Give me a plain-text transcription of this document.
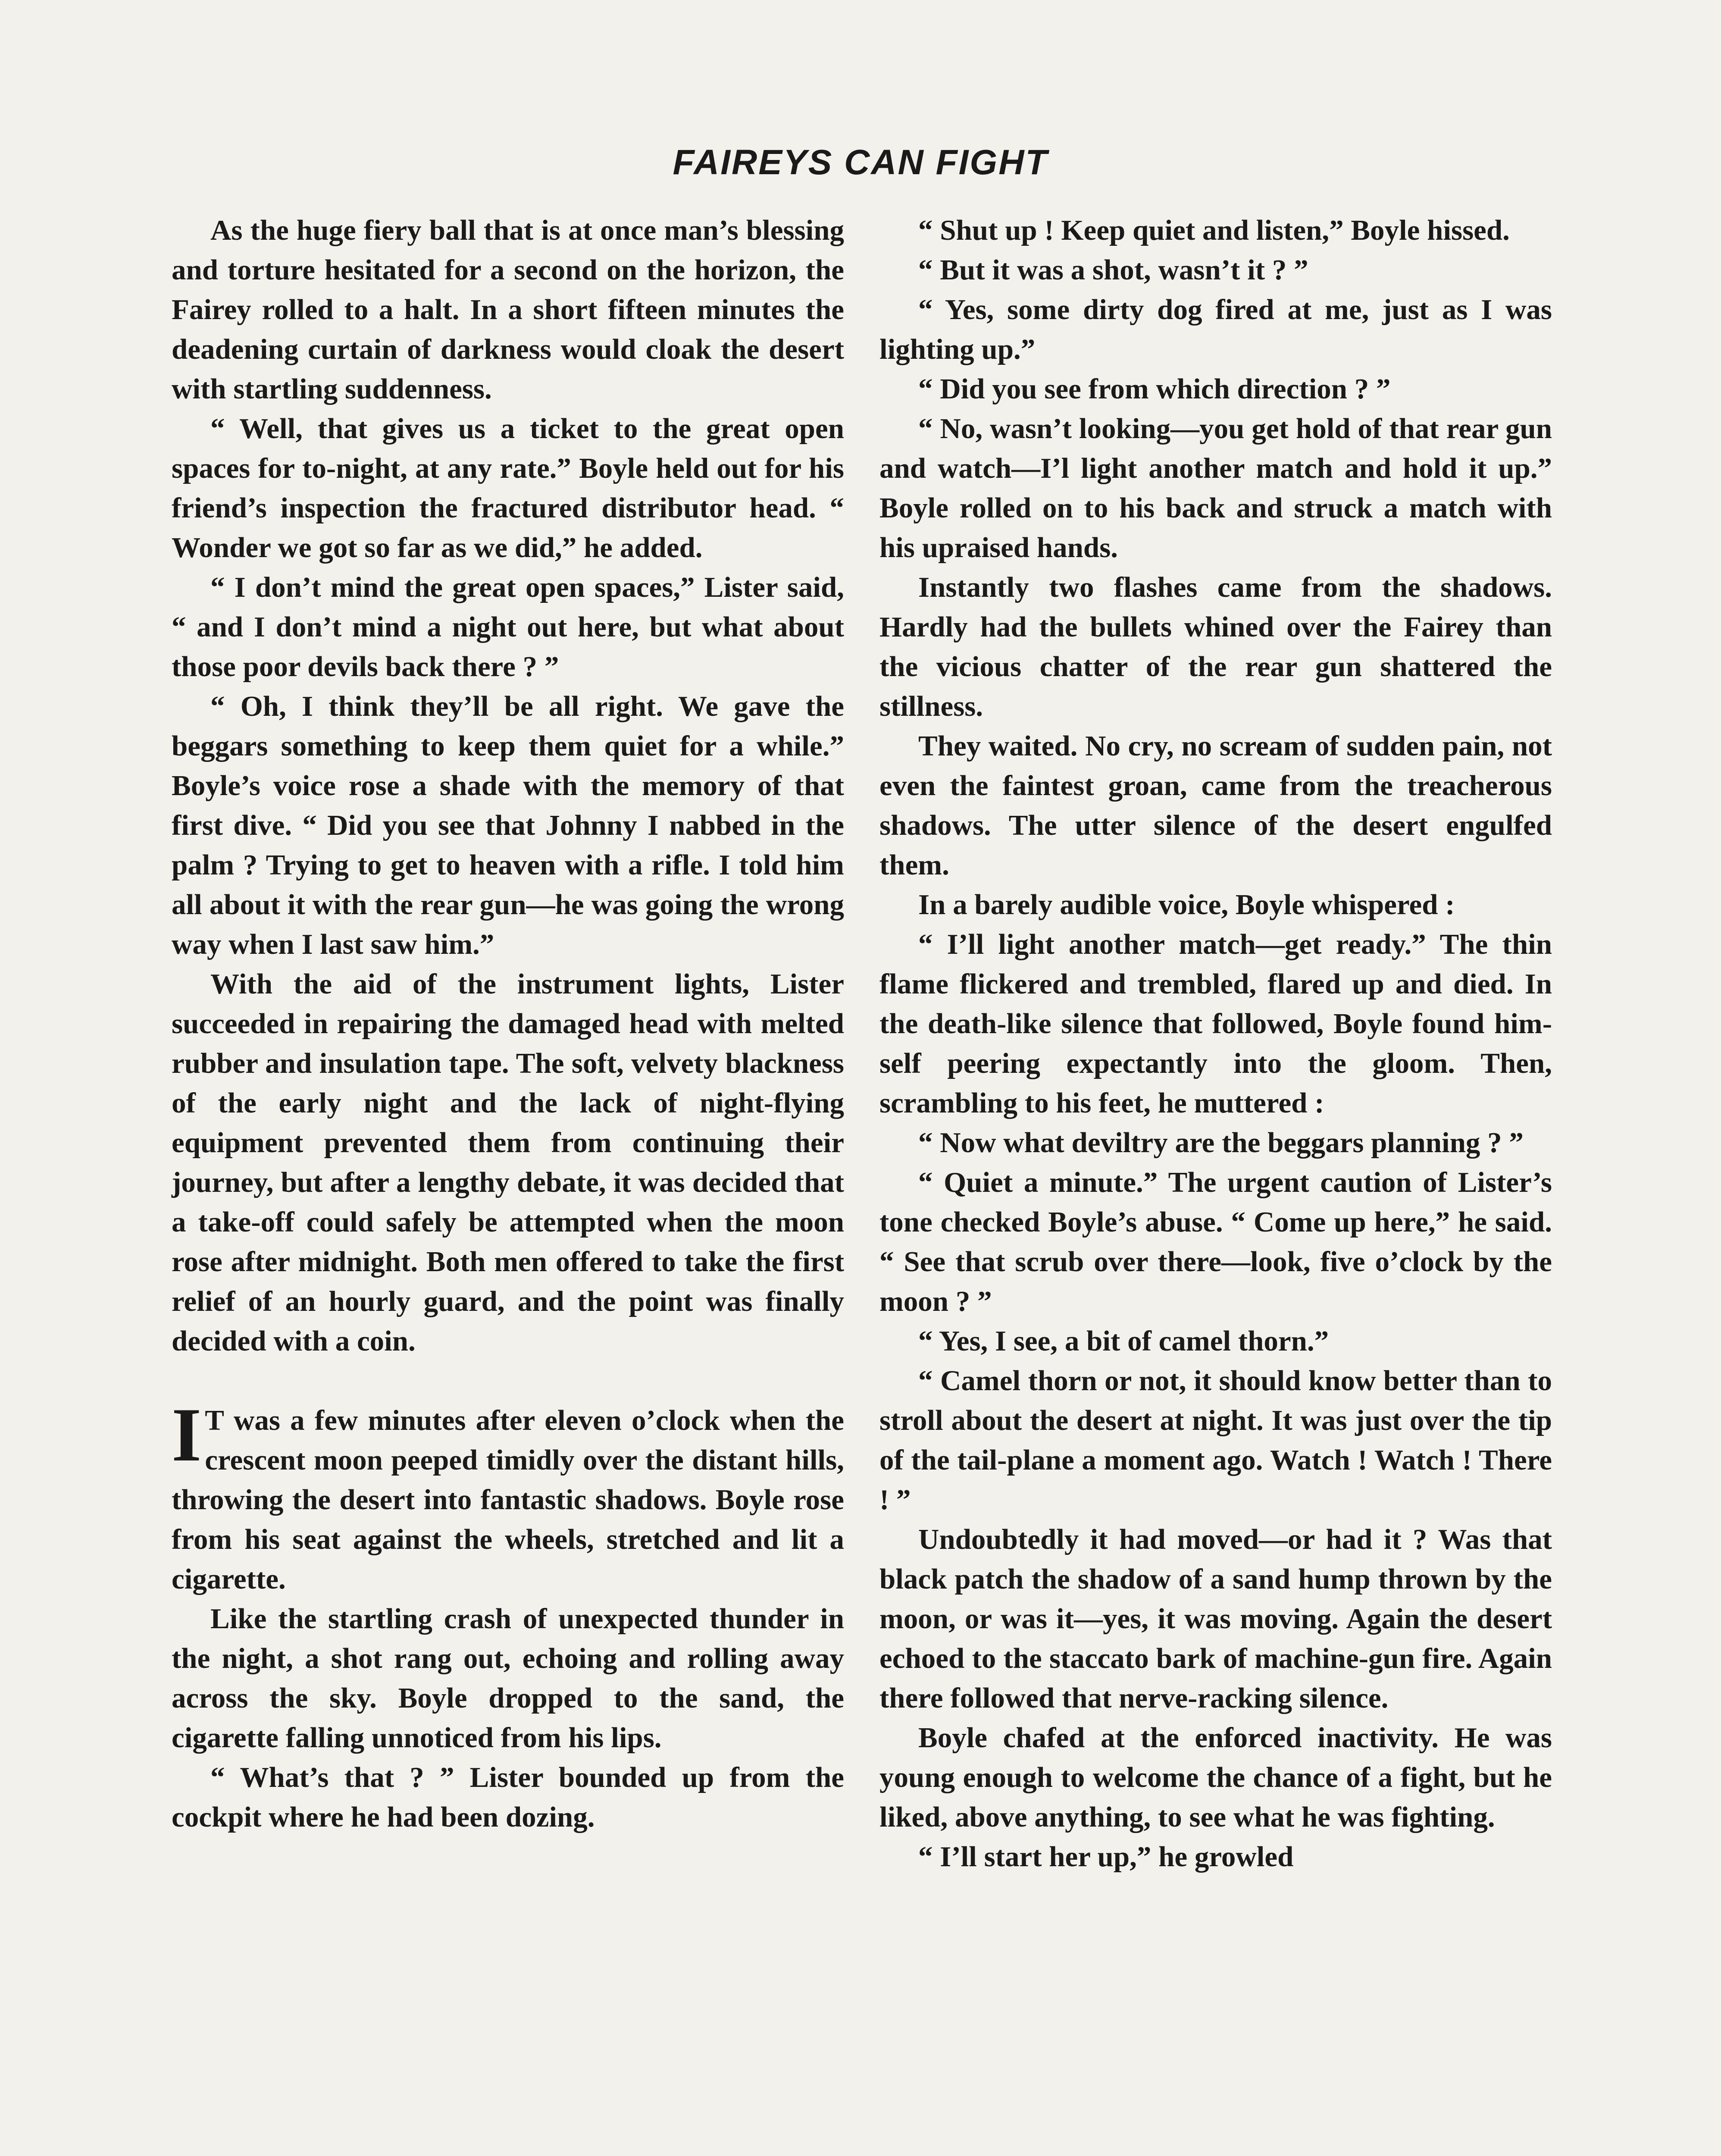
FAIREYS CAN FIGHT

As the huge fiery ball that is at once man’s blessing and torture hesitated for a second on the horizon, the Fairey rolled to a halt. In a short fifteen minutes the deadening curtain of darkness would cloak the desert with startling suddenness.

“ Well, that gives us a ticket to the great open spaces for to-night, at any rate.” Boyle held out for his friend’s inspection the fractured distributor head. “ Wonder we got so far as we did,” he added.

“ I don’t mind the great open spaces,” Lister said, “ and I don’t mind a night out here, but what about those poor devils back there ? ”

“ Oh, I think they’ll be all right. We gave the beggars something to keep them quiet for a while.” Boyle’s voice rose a shade with the memory of that first dive. “ Did you see that Johnny I nabbed in the palm ? Trying to get to heaven with a rifle. I told him all about it with the rear gun—he was going the wrong way when I last saw him.”

With the aid of the instrument lights, Lister succeeded in repairing the damaged head with melted rubber and insulation tape. The soft, velvety blackness of the early night and the lack of night-flying equipment prevented them from continuing their journey, but after a lengthy debate, it was decided that a take-off could safely be attempted when the moon rose after midnight. Both men offered to take the first relief of an hourly guard, and the point was finally decided with a coin.

I T was a few minutes after eleven o’clock when the crescent moon peeped timidly over the distant hills, throwing the desert into fantastic shadows. Boyle rose from his seat against the wheels, stretched and lit a cigarette.

Like the startling crash of unexpected thunder in the night, a shot rang out, echoing and rolling away across the sky. Boyle dropped to the sand, the cigarette falling unnoticed from his lips.

“ What’s that ? ” Lister bounded up from the cockpit where he had been dozing.

“ Shut up ! Keep quiet and listen,” Boyle hissed.

“ But it was a shot, wasn’t it ? ”

“ Yes, some dirty dog fired at me, just as I was lighting up.”

“ Did you see from which direction ? ”

“ No, wasn’t looking—you get hold of that rear gun and watch—I’l light another match and hold it up.” Boyle rolled on to his back and struck a match with his upraised hands.

Instantly two flashes came from the shadows. Hardly had the bullets whined over the Fairey than the vicious chatter of the rear gun shattered the stillness.

They waited. No cry, no scream of sudden pain, not even the faintest groan, came from the treacherous shadows. The utter silence of the desert engulfed them.

In a barely audible voice, Boyle whispered :

“ I’ll light another match—get ready.” The thin flame flickered and trembled, flared up and died. In the death-like silence that followed, Boyle found himself peering expectantly into the gloom. Then, scrambling to his feet, he muttered :

“ Now what deviltry are the beggars planning ? ”

“ Quiet a minute.” The urgent caution of Lister’s tone checked Boyle’s abuse. “ Come up here,” he said. “ See that scrub over there—look, five o’clock by the moon ? ”

“ Yes, I see, a bit of camel thorn.”

“ Camel thorn or not, it should know better than to stroll about the desert at night. It was just over the tip of the tail-plane a moment ago. Watch ! Watch ! There ! ”

Undoubtedly it had moved—or had it ? Was that black patch the shadow of a sand hump thrown by the moon, or was it—yes, it was moving. Again the desert echoed to the staccato bark of machine-gun fire. Again there followed that nerve-racking silence.

Boyle chafed at the enforced inactivity. He was young enough to welcome the chance of a fight, but he liked, above anything, to see what he was fighting.

“ I’ll start her up,” he growled
